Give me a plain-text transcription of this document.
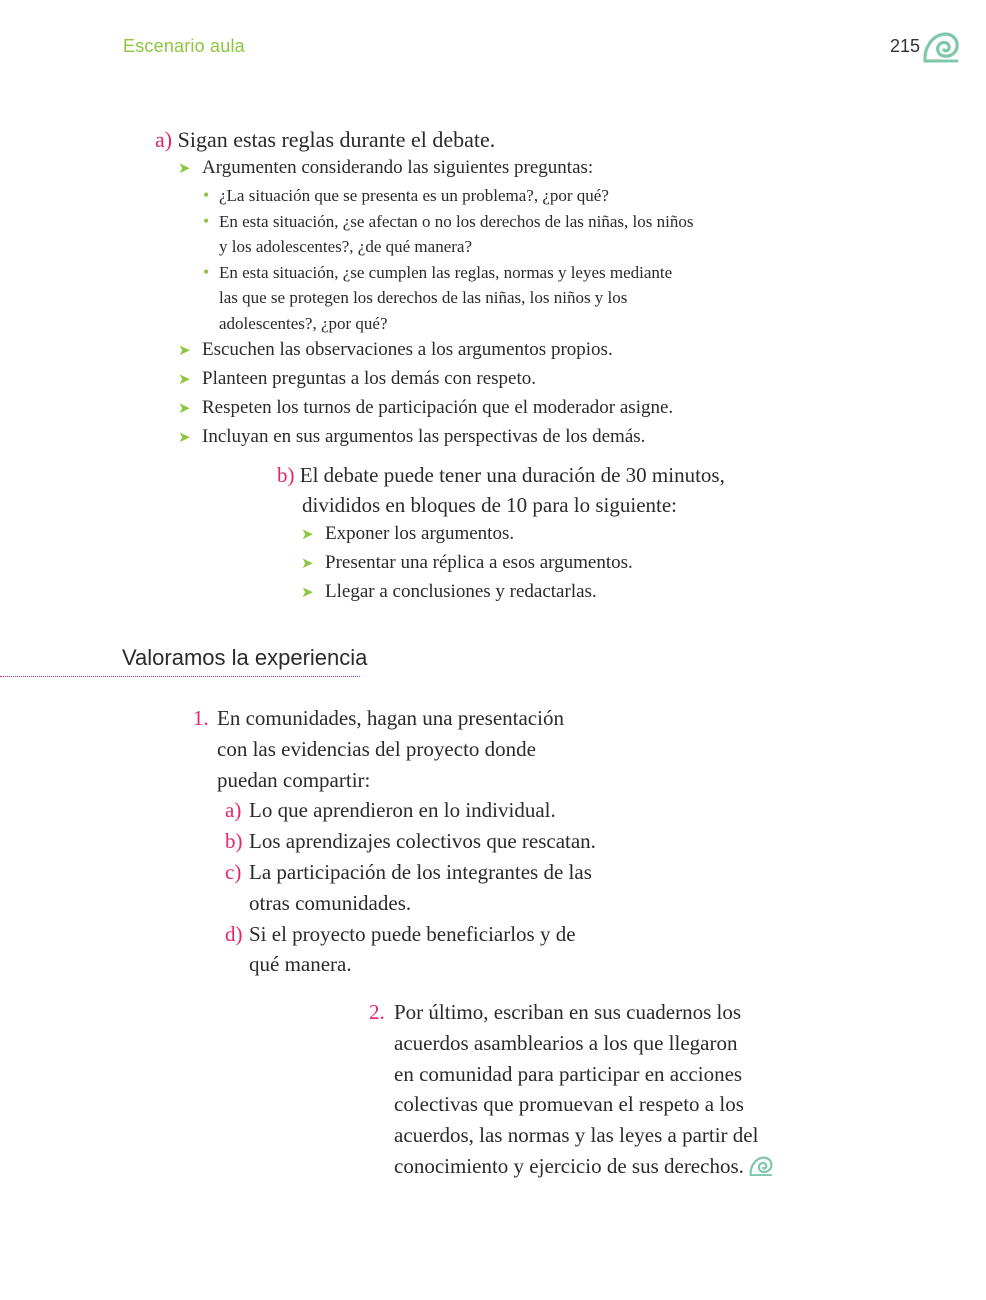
Escenario aula	215
a) Sigan estas reglas durante el debate.
➤ Argumenten considerando las siguientes preguntas:
• ¿La situación que se presenta es un problema?, ¿por qué?
• En esta situación, ¿se afectan o no los derechos de las niñas, los niños
y los adolescentes?, ¿de qué manera?
• En esta situación, ¿se cumplen las reglas, normas y leyes mediante
las que se protegen los derechos de las niñas, los niños y los
adolescentes?, ¿por qué?
➤ Escuchen las observaciones a los argumentos propios.
➤ Planteen preguntas a los demás con respeto.
➤ Respeten los turnos de participación que el moderador asigne.
➤ Incluyan en sus argumentos las perspectivas de los demás.
b) El debate puede tener una duración de 30 minutos,
divididos en bloques de 10 para lo siguiente:
➤ Exponer los argumentos.
➤ Presentar una réplica a esos argumentos.
➤ Llegar a conclusiones y redactarlas.
Valoramos la experiencia
1. En comunidades, hagan una presentación
con las evidencias del proyecto donde
puedan compartir:
a) Lo que aprendieron en lo individual.
b) Los aprendizajes colectivos que rescatan.
c) La participación de los integrantes de las
otras comunidades.
d) Si el proyecto puede beneficiarlos y de
qué manera.
2. Por último, escriban en sus cuadernos los
acuerdos asamblearios a los que llegaron
en comunidad para participar en acciones
colectivas que promuevan el respeto a los
acuerdos, las normas y las leyes a partir del
conocimiento y ejercicio de sus derechos.
